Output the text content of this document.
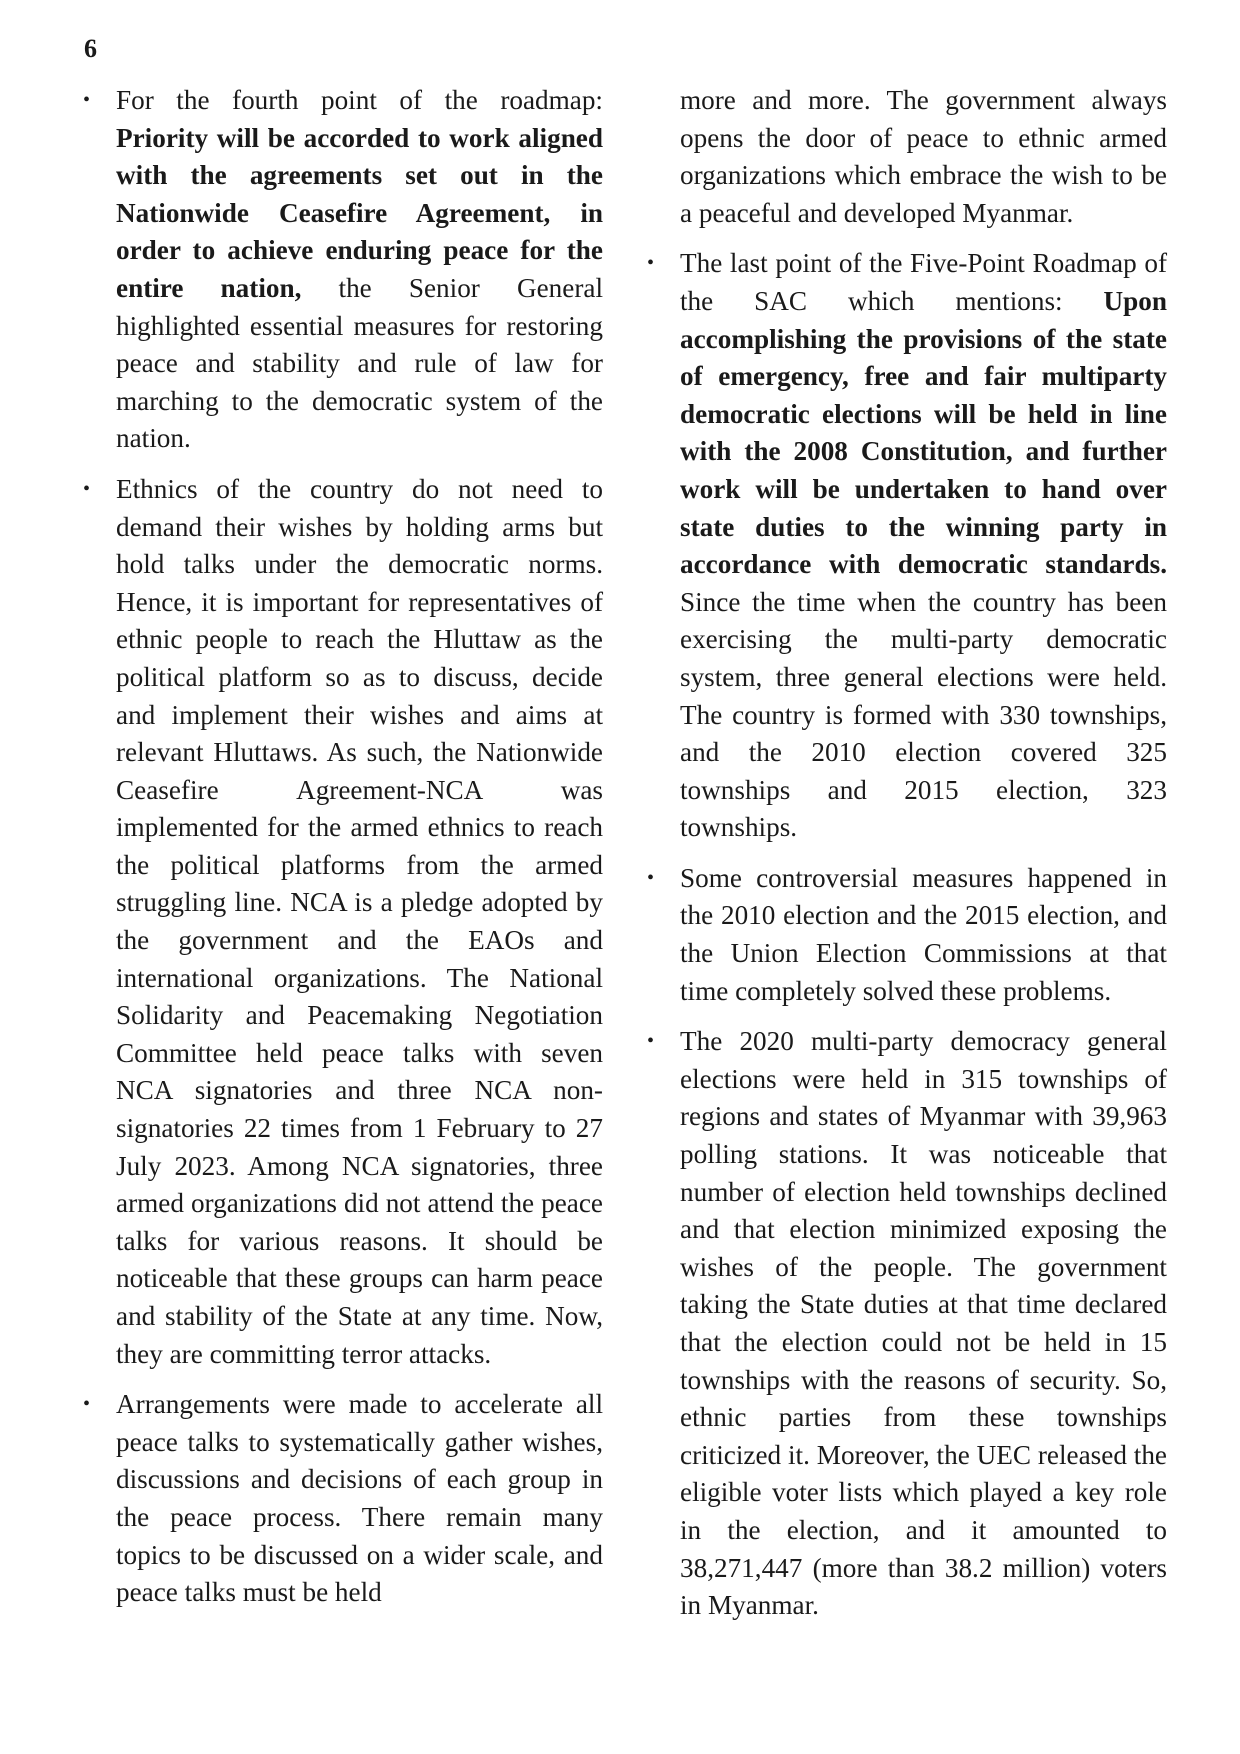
6

• For the fourth point of the roadmap: Priority will be accorded to work aligned with the agreements set out in the Nationwide Ceasefire Agreement, in order to achieve enduring peace for the entire nation, the Senior General highlighted essential measures for restoring peace and stability and rule of law for marching to the democratic system of the nation.

• Ethnics of the country do not need to demand their wishes by holding arms but hold talks under the democratic norms. Hence, it is important for representatives of ethnic people to reach the Hluttaw as the political platform so as to discuss, decide and implement their wishes and aims at relevant Hluttaws. As such, the Nationwide Ceasefire Agreement-NCA was implemented for the armed ethnics to reach the political platforms from the armed struggling line. NCA is a pledge adopted by the government and the EAOs and international organizations. The National Solidarity and Peacemaking Negotiation Committee held peace talks with seven NCA signatories and three NCA non-signatories 22 times from 1 February to 27 July 2023. Among NCA signatories, three armed organizations did not attend the peace talks for various reasons. It should be noticeable that these groups can harm peace and stability of the State at any time. Now, they are committing terror attacks.

• Arrangements were made to accelerate all peace talks to systematically gather wishes, discussions and decisions of each group in the peace process. There remain many topics to be discussed on a wider scale, and peace talks must be held

more and more. The government always opens the door of peace to ethnic armed organizations which embrace the wish to be a peaceful and developed Myanmar.

• The last point of the Five-Point Roadmap of the SAC which mentions: Upon accomplishing the provisions of the state of emergency, free and fair multiparty democratic elections will be held in line with the 2008 Constitution, and further work will be undertaken to hand over state duties to the winning party in accordance with democratic standards. Since the time when the country has been exercising the multi-party democratic system, three general elections were held. The country is formed with 330 townships, and the 2010 election covered 325 townships and 2015 election, 323 townships.

• Some controversial measures happened in the 2010 election and the 2015 election, and the Union Election Commissions at that time completely solved these problems.

• The 2020 multi-party democracy general elections were held in 315 townships of regions and states of Myanmar with 39,963 polling stations. It was noticeable that number of election held townships declined and that election minimized exposing the wishes of the people. The government taking the State duties at that time declared that the election could not be held in 15 townships with the reasons of security. So, ethnic parties from these townships criticized it. Moreover, the UEC released the eligible voter lists which played a key role in the election, and it amounted to 38,271,447 (more than 38.2 million) voters in Myanmar.
